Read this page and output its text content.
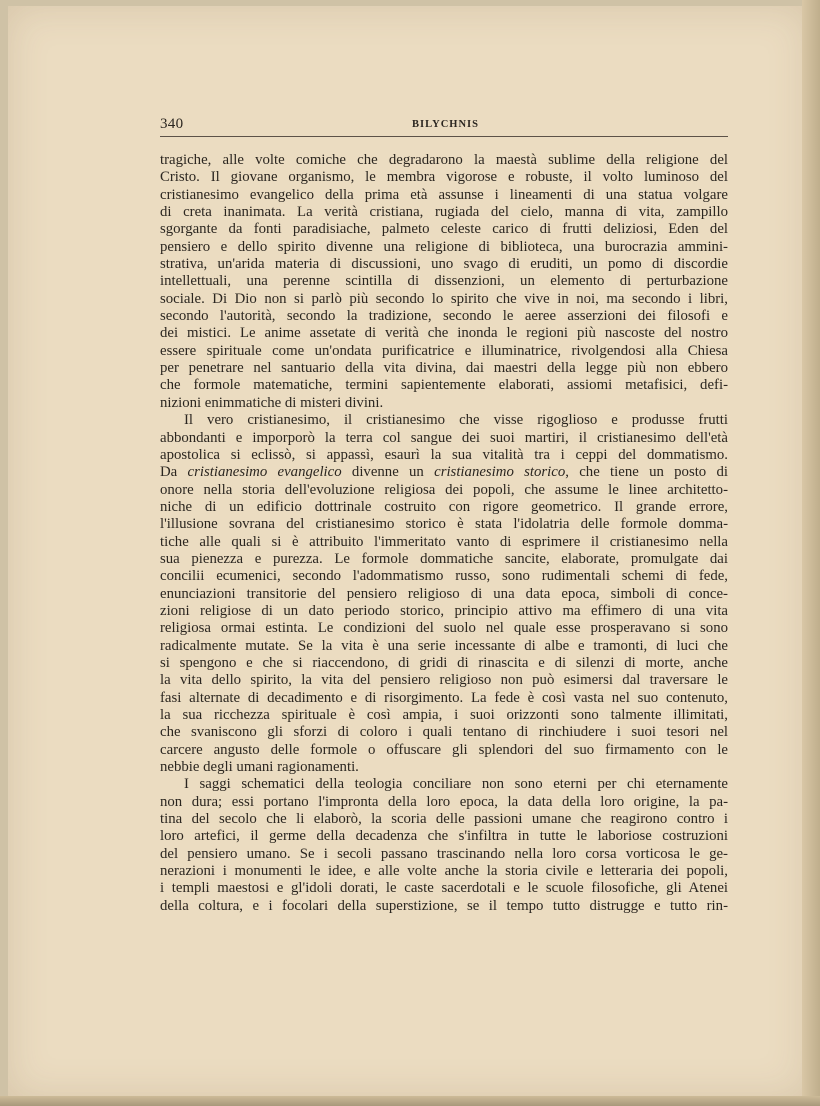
340	BILYCHNIS
tragiche, alle volte comiche che degradarono la maestà sublime della religione del
Cristo. Il giovane organismo, le membra vigorose e robuste, il volto luminoso del
cristianesimo evangelico della prima età assunse i lineamenti di una statua volgare
di creta inanimata. La verità cristiana, rugiada del cielo, manna di vita, zampillo
sgorgante da fonti paradisiache, palmeto celeste carico di frutti deliziosi, Eden del
pensiero e dello spirito divenne una religione di biblioteca, una burocrazia ammini-
strativa, un'arida materia di discussioni, uno svago di eruditi, un pomo di discordie
intellettuali, una perenne scintilla di dissenzioni, un elemento di perturbazione
sociale. Di Dio non si parlò più secondo lo spirito che vive in noi, ma secondo i libri,
secondo l'autorità, secondo la tradizione, secondo le aeree asserzioni dei filosofi e
dei mistici. Le anime assetate di verità che inonda le regioni più nascoste del nostro
essere spirituale come un'ondata purificatrice e illuminatrice, rivolgendosi alla Chiesa
per penetrare nel santuario della vita divina, dai maestri della legge più non ebbero
che formole matematiche, termini sapientemente elaborati, assiomi metafisici, defi-
nizioni enimmatiche di misteri divini.
Il vero cristianesimo, il cristianesimo che visse rigoglioso e produsse frutti
abbondanti e imporporò la terra col sangue dei suoi martiri, il cristianesimo dell'età
apostolica si eclissò, si appassì, esaurì la sua vitalità tra i ceppi del dommatismo.
Da cristianesimo evangelico divenne un cristianesimo storico, che tiene un posto di
onore nella storia dell'evoluzione religiosa dei popoli, che assume le linee architetto-
niche di un edificio dottrinale costruito con rigore geometrico. Il grande errore,
l'illusione sovrana del cristianesimo storico è stata l'idolatria delle formole domma-
tiche alle quali si è attribuito l'immeritato vanto di esprimere il cristianesimo nella
sua pienezza e purezza. Le formole dommatiche sancite, elaborate, promulgate dai
concilii ecumenici, secondo l'adommatismo russo, sono rudimentali schemi di fede,
enunciazioni transitorie del pensiero religioso di una data epoca, simboli di conce-
zioni religiose di un dato periodo storico, principio attivo ma effimero di una vita
religiosa ormai estinta. Le condizioni del suolo nel quale esse prosperavano si sono
radicalmente mutate. Se la vita è una serie incessante di albe e tramonti, di luci che
si spengono e che si riaccendono, di gridi di rinascita e di silenzi di morte, anche
la vita dello spirito, la vita del pensiero religioso non può esimersi dal traversare le
fasi alternate di decadimento e di risorgimento. La fede è così vasta nel suo contenuto,
la sua ricchezza spirituale è così ampia, i suoi orizzonti sono talmente illimitati,
che svaniscono gli sforzi di coloro i quali tentano di rinchiudere i suoi tesori nel
carcere angusto delle formole o offuscare gli splendori del suo firmamento con le
nebbie degli umani ragionamenti.
I saggi schematici della teologia conciliare non sono eterni per chi eternamente
non dura; essi portano l'impronta della loro epoca, la data della loro origine, la pa-
tina del secolo che li elaborò, la scoria delle passioni umane che reagirono contro i
loro artefici, il germe della decadenza che s'infiltra in tutte le laboriose costruzioni
del pensiero umano. Se i secoli passano trascinando nella loro corsa vorticosa le ge-
nerazioni i monumenti le idee, e alle volte anche la storia civile e letteraria dei popoli,
i templi maestosi e gl'idoli dorati, le caste sacerdotali e le scuole filosofiche, gli Atenei
della coltura, e i focolari della superstizione, se il tempo tutto distrugge e tutto rin-
